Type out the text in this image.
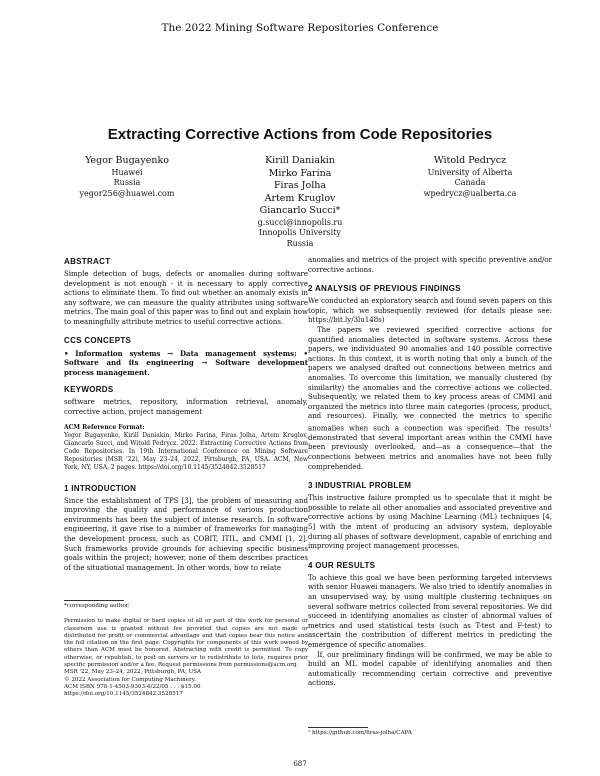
The 2022 Mining Software Repositories Conference
Extracting Corrective Actions from Code Repositories
Yegor Bugayenko
Huawei
Russia
yegor256@huawei.com
Kirill Daniakin
Mirko Farina
Firas Jolha
Artem Kruglov
Giancarlo Succi*
g.succi@innopolis.ru
Innopolis University
Russia
Witold Pedrycz
University of Alberta
Canada
wpedrycz@ualberta.ca
ABSTRACT

Simple detection of bugs, defects or anomalies during software development is not enough - it is necessary to apply corrective actions to eliminate them. To find out whether an anomaly exists in any software, we can measure the quality attributes using software metrics. The main goal of this paper was to find out and explain how to meaningfully attribute metrics to useful corrective actions.

CCS CONCEPTS

• Information systems → Data management systems; • Software and its engineering → Software development process management.

KEYWORDS

software metrics, repository, information retrieval, anomaly, corrective action, project management

ACM Reference Format:

Yegor Bugayenko, Kirill Daniakin, Mirko Farina, Firas Jolha, Artem Kruglov, Giancarlo Succi, and Witold Pedrycz. 2022. Extracting Corrective Actions from Code Repositories. In 19th International Conference on Mining Software Repositories (MSR '22), May 23–24, 2022, Pittsburgh, PA, USA. ACM, New York, NY, USA, 2 pages. https://doi.org/10.1145/3524842.3528517

1 INTRODUCTION

Since the establishment of TPS [3], the problem of measuring and improving the quality and performance of various production environments has been the subject of intense research. In software engineering, it gave rise to a number of frameworks for managing the development process, such as COBIT, ITIL, and CMMI [1, 2]. Such frameworks provide grounds for achieving specific business goals within the project; however, none of them describes practices of the situational management. In other words, how to relate

*corresponding author.
Permission to make digital or hard copies of all or part of this work for personal or classroom use is granted without fee provided that copies are not made or distributed for profit or commercial advantage and that copies bear this notice and the full citation on the first page. Copyrights for components of this work owned by others than ACM must be honored. Abstracting with credit is permitted. To copy otherwise, or republish, to post on servers or to redistribute to lists, requires prior specific permission and/or a fee. Request permissions from permissions@acm.org.
MSR '22, May 23–24, 2022, Pittsburgh, PA, USA
© 2022 Association for Computing Machinery.
ACM ISBN 978-1-4503-9303-4/22/05 . . . $15.00
https://doi.org/10.1145/3524842.3528517

anomalies and metrics of the project with specific preventive and/or corrective actions.

2 ANALYSIS OF PREVIOUS FINDINGS

We conducted an exploratory search and found seven papers on this topic, which we subsequently reviewed (for details please see: https://bit.ly/3lu148s)

The papers we reviewed specified corrective actions for quantified anomalies detected in software systems. Across these papers, we individuated 90 anomalies and 140 possible corrective actions. In this context, it is worth noting that only a bunch of the papers we analysed drafted out connections between metrics and anomalies. To overcome this limitation, we manually clustered (by similarity) the anomalies and the corrective actions we collected. Subsequently, we related them to key process areas of CMMI and organized the metrics into three main categories (process, product, and resources). Finally, we connected the metrics to specific anomalies when such a connection was specified. The results$^1$ demonstrated that several important areas within the CMMI have been previously overlooked, and—as a consequence—that the connections between metrics and anomalies have not been fully comprehended.

3 INDUSTRIAL PROBLEM

This instructive failure prompted us to speculate that it might be possible to relate all other anomalies and associated preventive and corrective actions by using Machine Learning (ML) techniques [4, 5] with the intent of producing an advisory system, deployable during all phases of software development, capable of enriching and improving project management processes.

4 OUR RESULTS

To achieve this goal we have been performing targeted interviews with senior Huawei managers. We also tried to identify anomalies in an unsupervised way, by using multiple clustering techniques on several software metrics collected from several repositories. We did succeed in identifying anomalies as cluster of abnormal values of metrics and used statistical tests (such as T-test and F-test) to ascertain the contribution of different metrics in predicting the emergence of specific anomalies.

If, our preliminary findings will be confirmed, we may be able to build an ML model capable of identifying anomalies and then automatically recommending certain corrective and preventive actions.

¹ https://github.com/firas-jolha/CAPA
687
